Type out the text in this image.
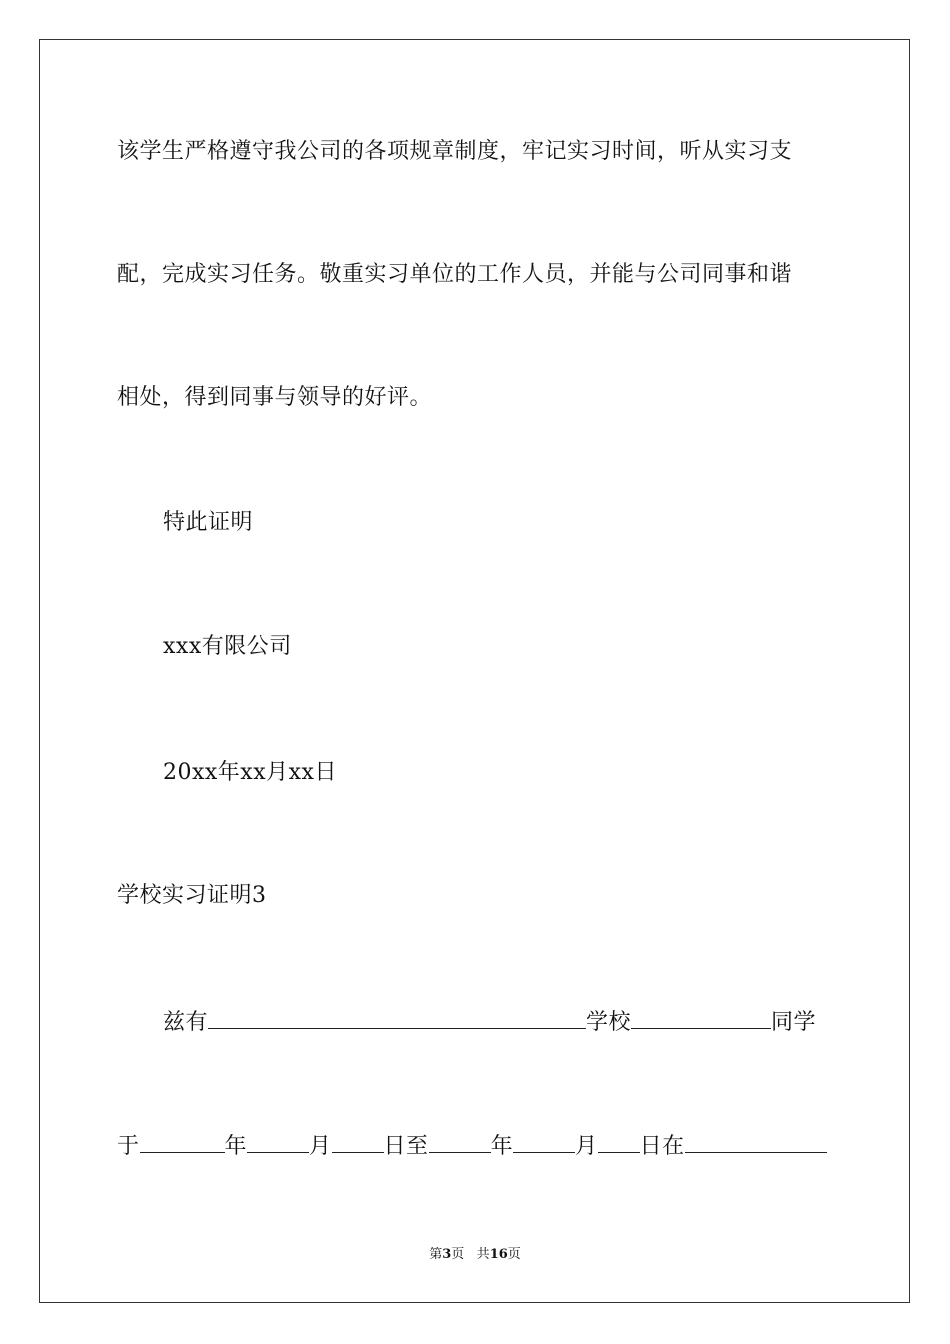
该学生严格遵守我公司的各项规章制度，牢记实习时间，听从实习支
配，完成实习任务。敬重实习单位的工作人员，并能与公司同事和谐
相处，得到同事与领导的好评。
特此证明
xxx有限公司
20xx年xx月xx日
学校实习证明3
兹有	学校	同学
于	年	月 日至	年	月 日在
第3页 共16页
